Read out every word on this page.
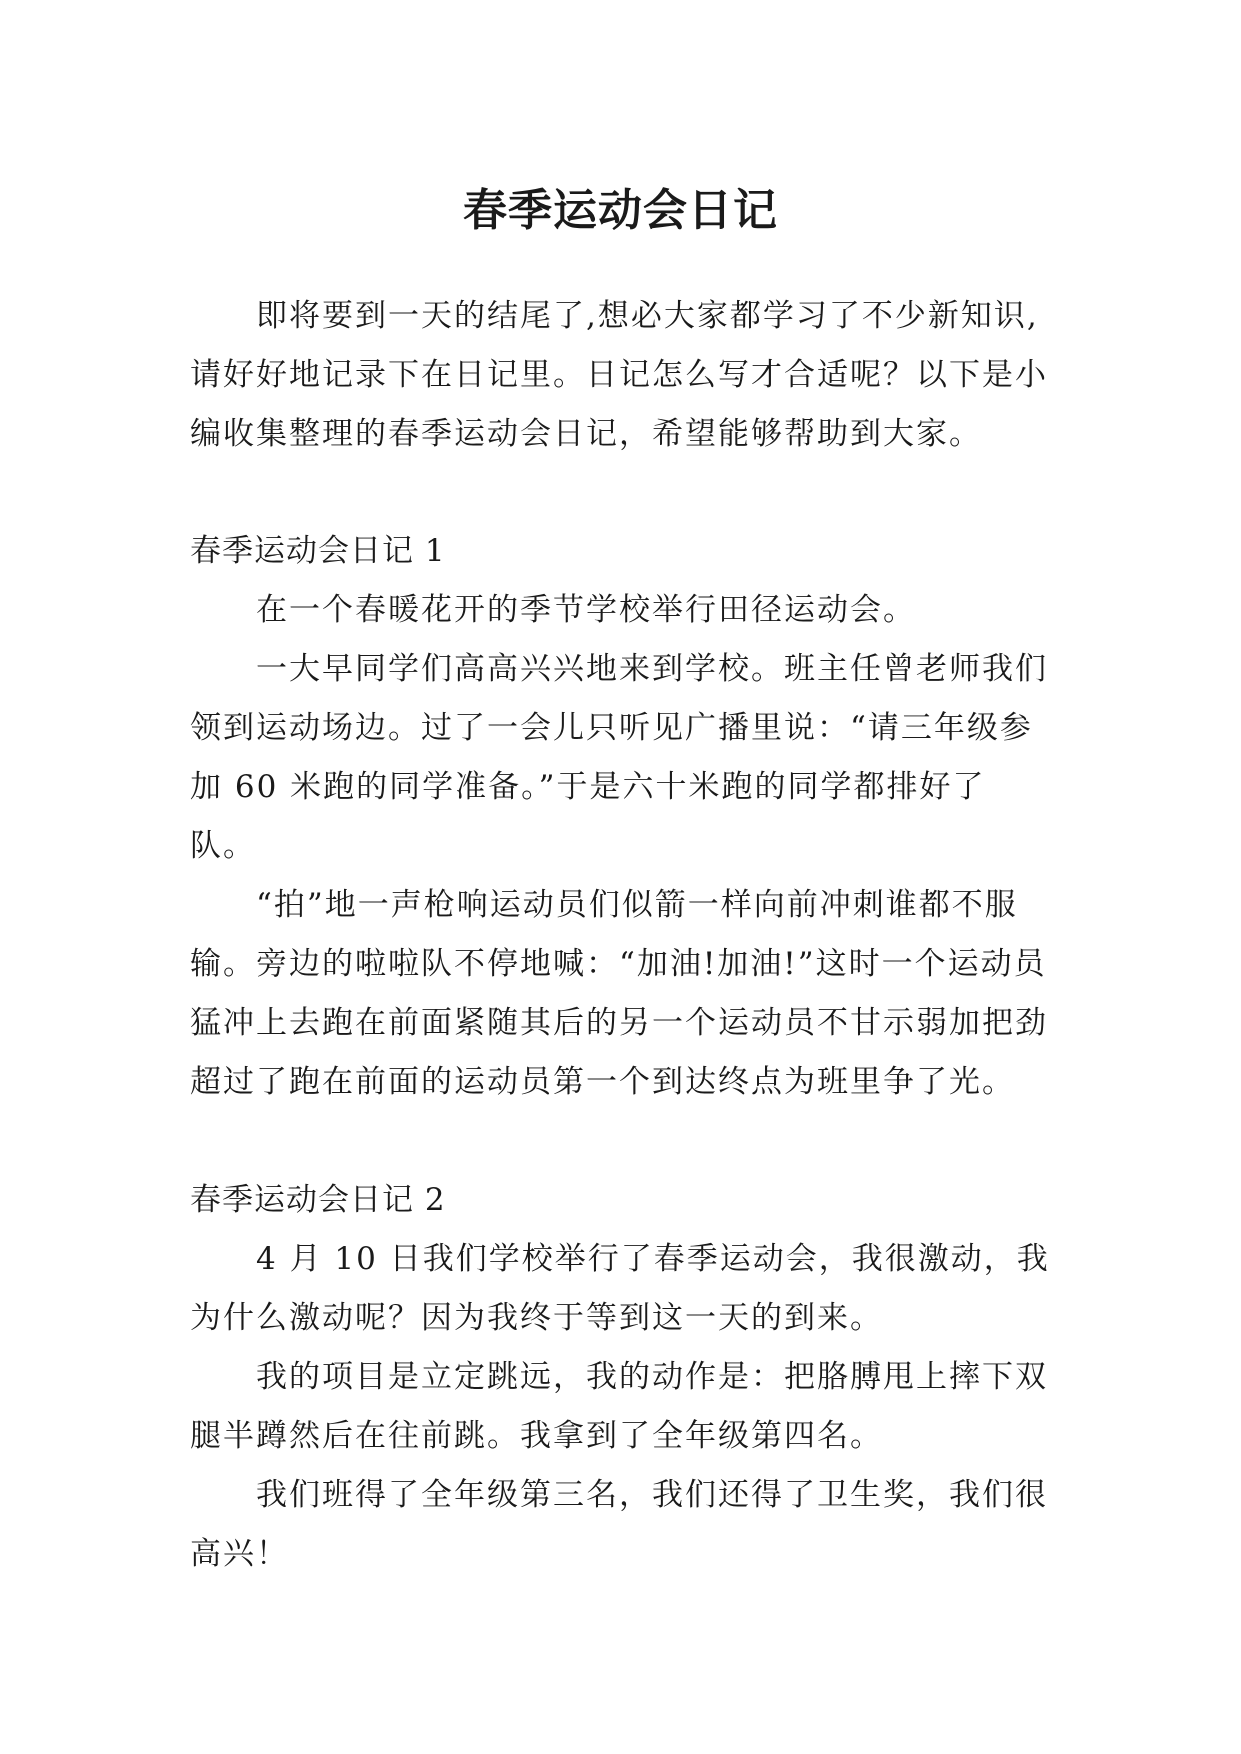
春季运动会日记

即将要到一天的结尾了,想必大家都学习了不少新知识,请好好地记录下在日记里。日记怎么写才合适呢？以下是小编收集整理的春季运动会日记，希望能够帮助到大家。

春季运动会日记 1

在一个春暖花开的季节学校举行田径运动会。

一大早同学们高高兴兴地来到学校。班主任曾老师我们领到运动场边。过了一会儿只听见广播里说：“请三年级参加 60 米跑的同学准备。”于是六十米跑的同学都排好了队。

“拍”地一声枪响运动员们似箭一样向前冲刺谁都不服输。旁边的啦啦队不停地喊：“加油!加油!”这时一个运动员猛冲上去跑在前面紧随其后的另一个运动员不甘示弱加把劲超过了跑在前面的运动员第一个到达终点为班里争了光。

春季运动会日记 2

4 月 10 日我们学校举行了春季运动会，我很激动，我为什么激动呢？因为我终于等到这一天的到来。

我的项目是立定跳远，我的动作是：把胳膊甩上摔下双腿半蹲然后在往前跳。我拿到了全年级第四名。

我们班得了全年级第三名，我们还得了卫生奖，我们很高兴！
